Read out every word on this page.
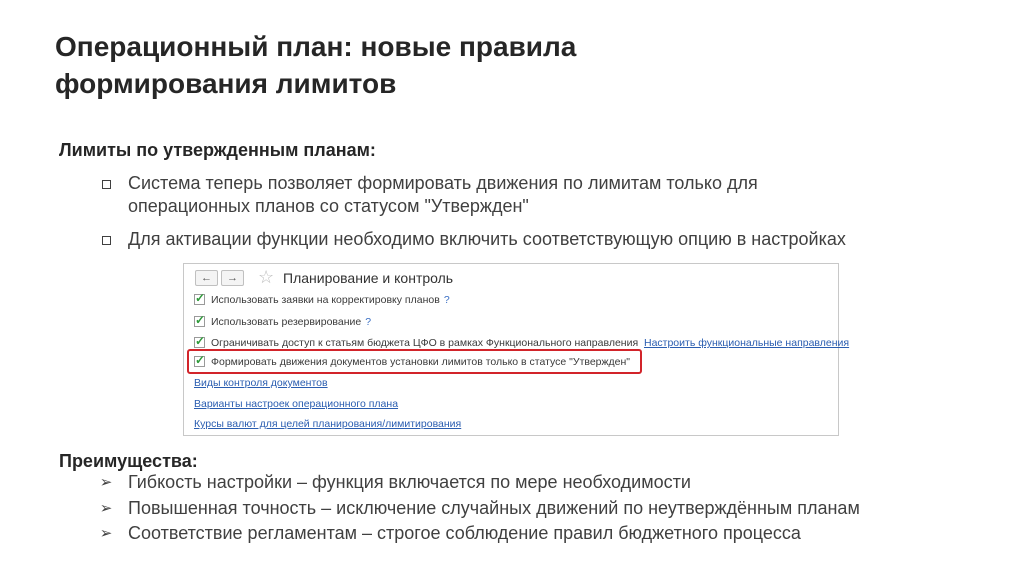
Операционный план: новые правила
формирования лимитов
Лимиты по утвержденным планам:
Система теперь позволяет формировать движения по лимитам только для
операционных планов со статусом "Утвержден"
Для активации функции необходимо включить соответствующую опцию в настройках
←	→	☆ Планирование и контроль
✓ Использовать заявки на корректировку планов ?
✓ Использовать резервирование ?
✓ Ограничивать доступ к статьям бюджета ЦФО в рамках Функционального направления Настроить функциональные направления
✓ Формировать движения документов установки лимитов только в статусе "Утвержден"
Виды контроля документов
Варианты настроек операционного плана
Курсы валют для целей планирования/лимитирования
Преимущества:
➢ Гибкость настройки – функция включается по мере необходимости
➢ Повышенная точность – исключение случайных движений по неутверждённым планам
➢ Соответствие регламентам – строгое соблюдение правил бюджетного процесса
